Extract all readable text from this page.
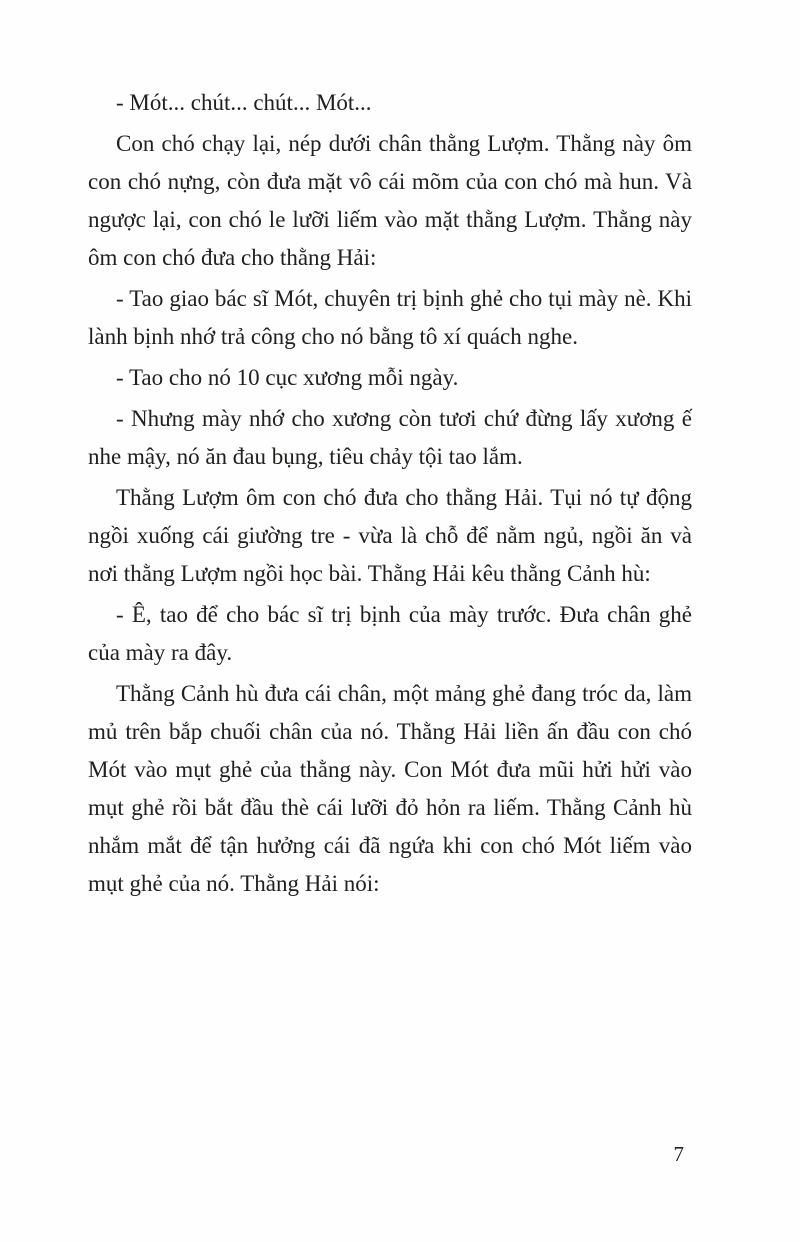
- Mót... chút... chút... Mót...

Con chó chạy lại, nép dưới chân thằng Lượm. Thằng này ôm con chó nựng, còn đưa mặt vô cái mõm của con chó mà hun. Và ngược lại, con chó le lưỡi liếm vào mặt thằng Lượm. Thằng này ôm con chó đưa cho thằng Hải:

- Tao giao bác sĩ Mót, chuyên trị bịnh ghẻ cho tụi mày nè. Khi lành bịnh nhớ trả công cho nó bằng tô xí quách nghe.

- Tao cho nó 10 cục xương mỗi ngày.

- Nhưng mày nhớ cho xương còn tươi chứ đừng lấy xương ế nhe mậy, nó ăn đau bụng, tiêu chảy tội tao lắm.

Thằng Lượm ôm con chó đưa cho thằng Hải. Tụi nó tự động ngồi xuống cái giường tre - vừa là chỗ để nằm ngủ, ngồi ăn và nơi thằng Lượm ngồi học bài. Thằng Hải kêu thằng Cảnh hù:

- Ê, tao để cho bác sĩ trị bịnh của mày trước. Đưa chân ghẻ của mày ra đây.

Thằng Cảnh hù đưa cái chân, một mảng ghẻ đang tróc da, làm mủ trên bắp chuối chân của nó. Thằng Hải liền ấn đầu con chó Mót vào mụt ghẻ của thằng này. Con Mót đưa mũi hửi hửi vào mụt ghẻ rồi bắt đầu thè cái lưỡi đỏ hỏn ra liếm. Thằng Cảnh hù nhắm mắt để tận hưởng cái đã ngứa khi con chó Mót liếm vào mụt ghẻ của nó. Thằng Hải nói:

7
